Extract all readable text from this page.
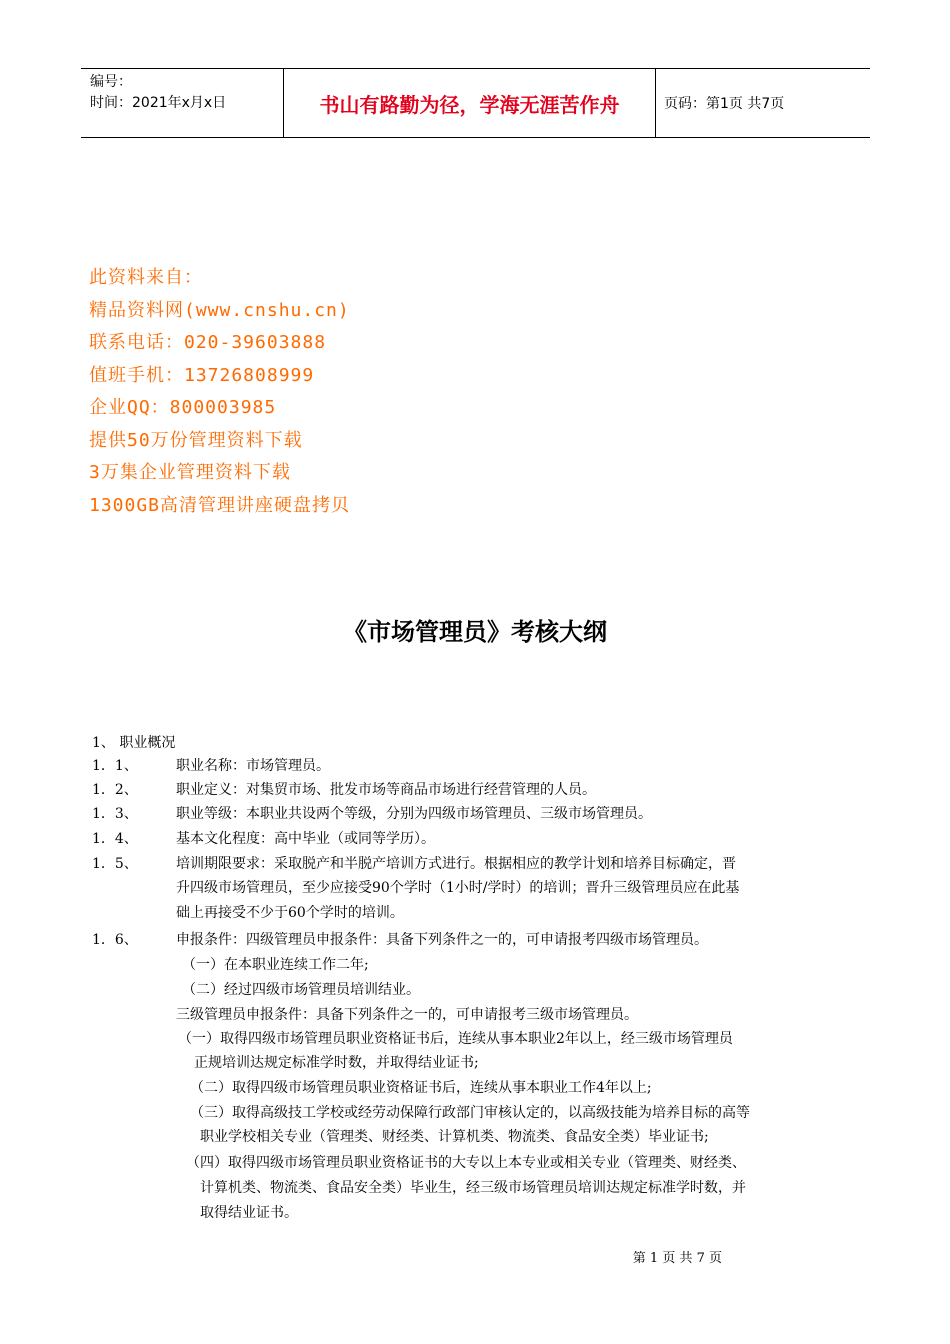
编号：
时间：2021年x月x日	书山有路勤为径，学海无涯苦作舟	页码：第1页 共7页
此资料来自：
精品资料网(www.cnshu.cn)
联系电话：020-39603888
值班手机：13726808999
企业QQ：800003985
提供50万份管理资料下载
3万集企业管理资料下载
1300GB高清管理讲座硬盘拷贝
《市场管理员》考核大纲
1、 职业概况
1．1、	职业名称：市场管理员。
1．2、	职业定义：对集贸市场、批发市场等商品市场进行经营管理的人员。
1．3、	职业等级：本职业共设两个等级，分别为四级市场管理员、三级市场管理员。
1．4、	基本文化程度：高中毕业（或同等学历）。
1．5、	培训期限要求：采取脱产和半脱产培训方式进行。根据相应的教学计划和培养目标确定，晋
升四级市场管理员，至少应接受90个学时（1小时/学时）的培训；晋升三级管理员应在此基
础上再接受不少于60个学时的培训。
1．6、	申报条件：四级管理员申报条件：具备下列条件之一的，可申请报考四级市场管理员。
（一）在本职业连续工作二年;
（二）经过四级市场管理员培训结业。
三级管理员申报条件：具备下列条件之一的，可申请报考三级市场管理员。
（一）取得四级市场管理员职业资格证书后，连续从事本职业2年以上，经三级市场管理员
正规培训达规定标准学时数，并取得结业证书;
（二）取得四级市场管理员职业资格证书后，连续从事本职业工作4年以上;
（三）取得高级技工学校或经劳动保障行政部门审核认定的，以高级技能为培养目标的高等
职业学校相关专业（管理类、财经类、计算机类、物流类、食品安全类）毕业证书;
（四）取得四级市场管理员职业资格证书的大专以上本专业或相关专业（管理类、财经类、
计算机类、物流类、食品安全类）毕业生，经三级市场管理员培训达规定标准学时数，并
取得结业证书。
第 1 页 共 7 页
